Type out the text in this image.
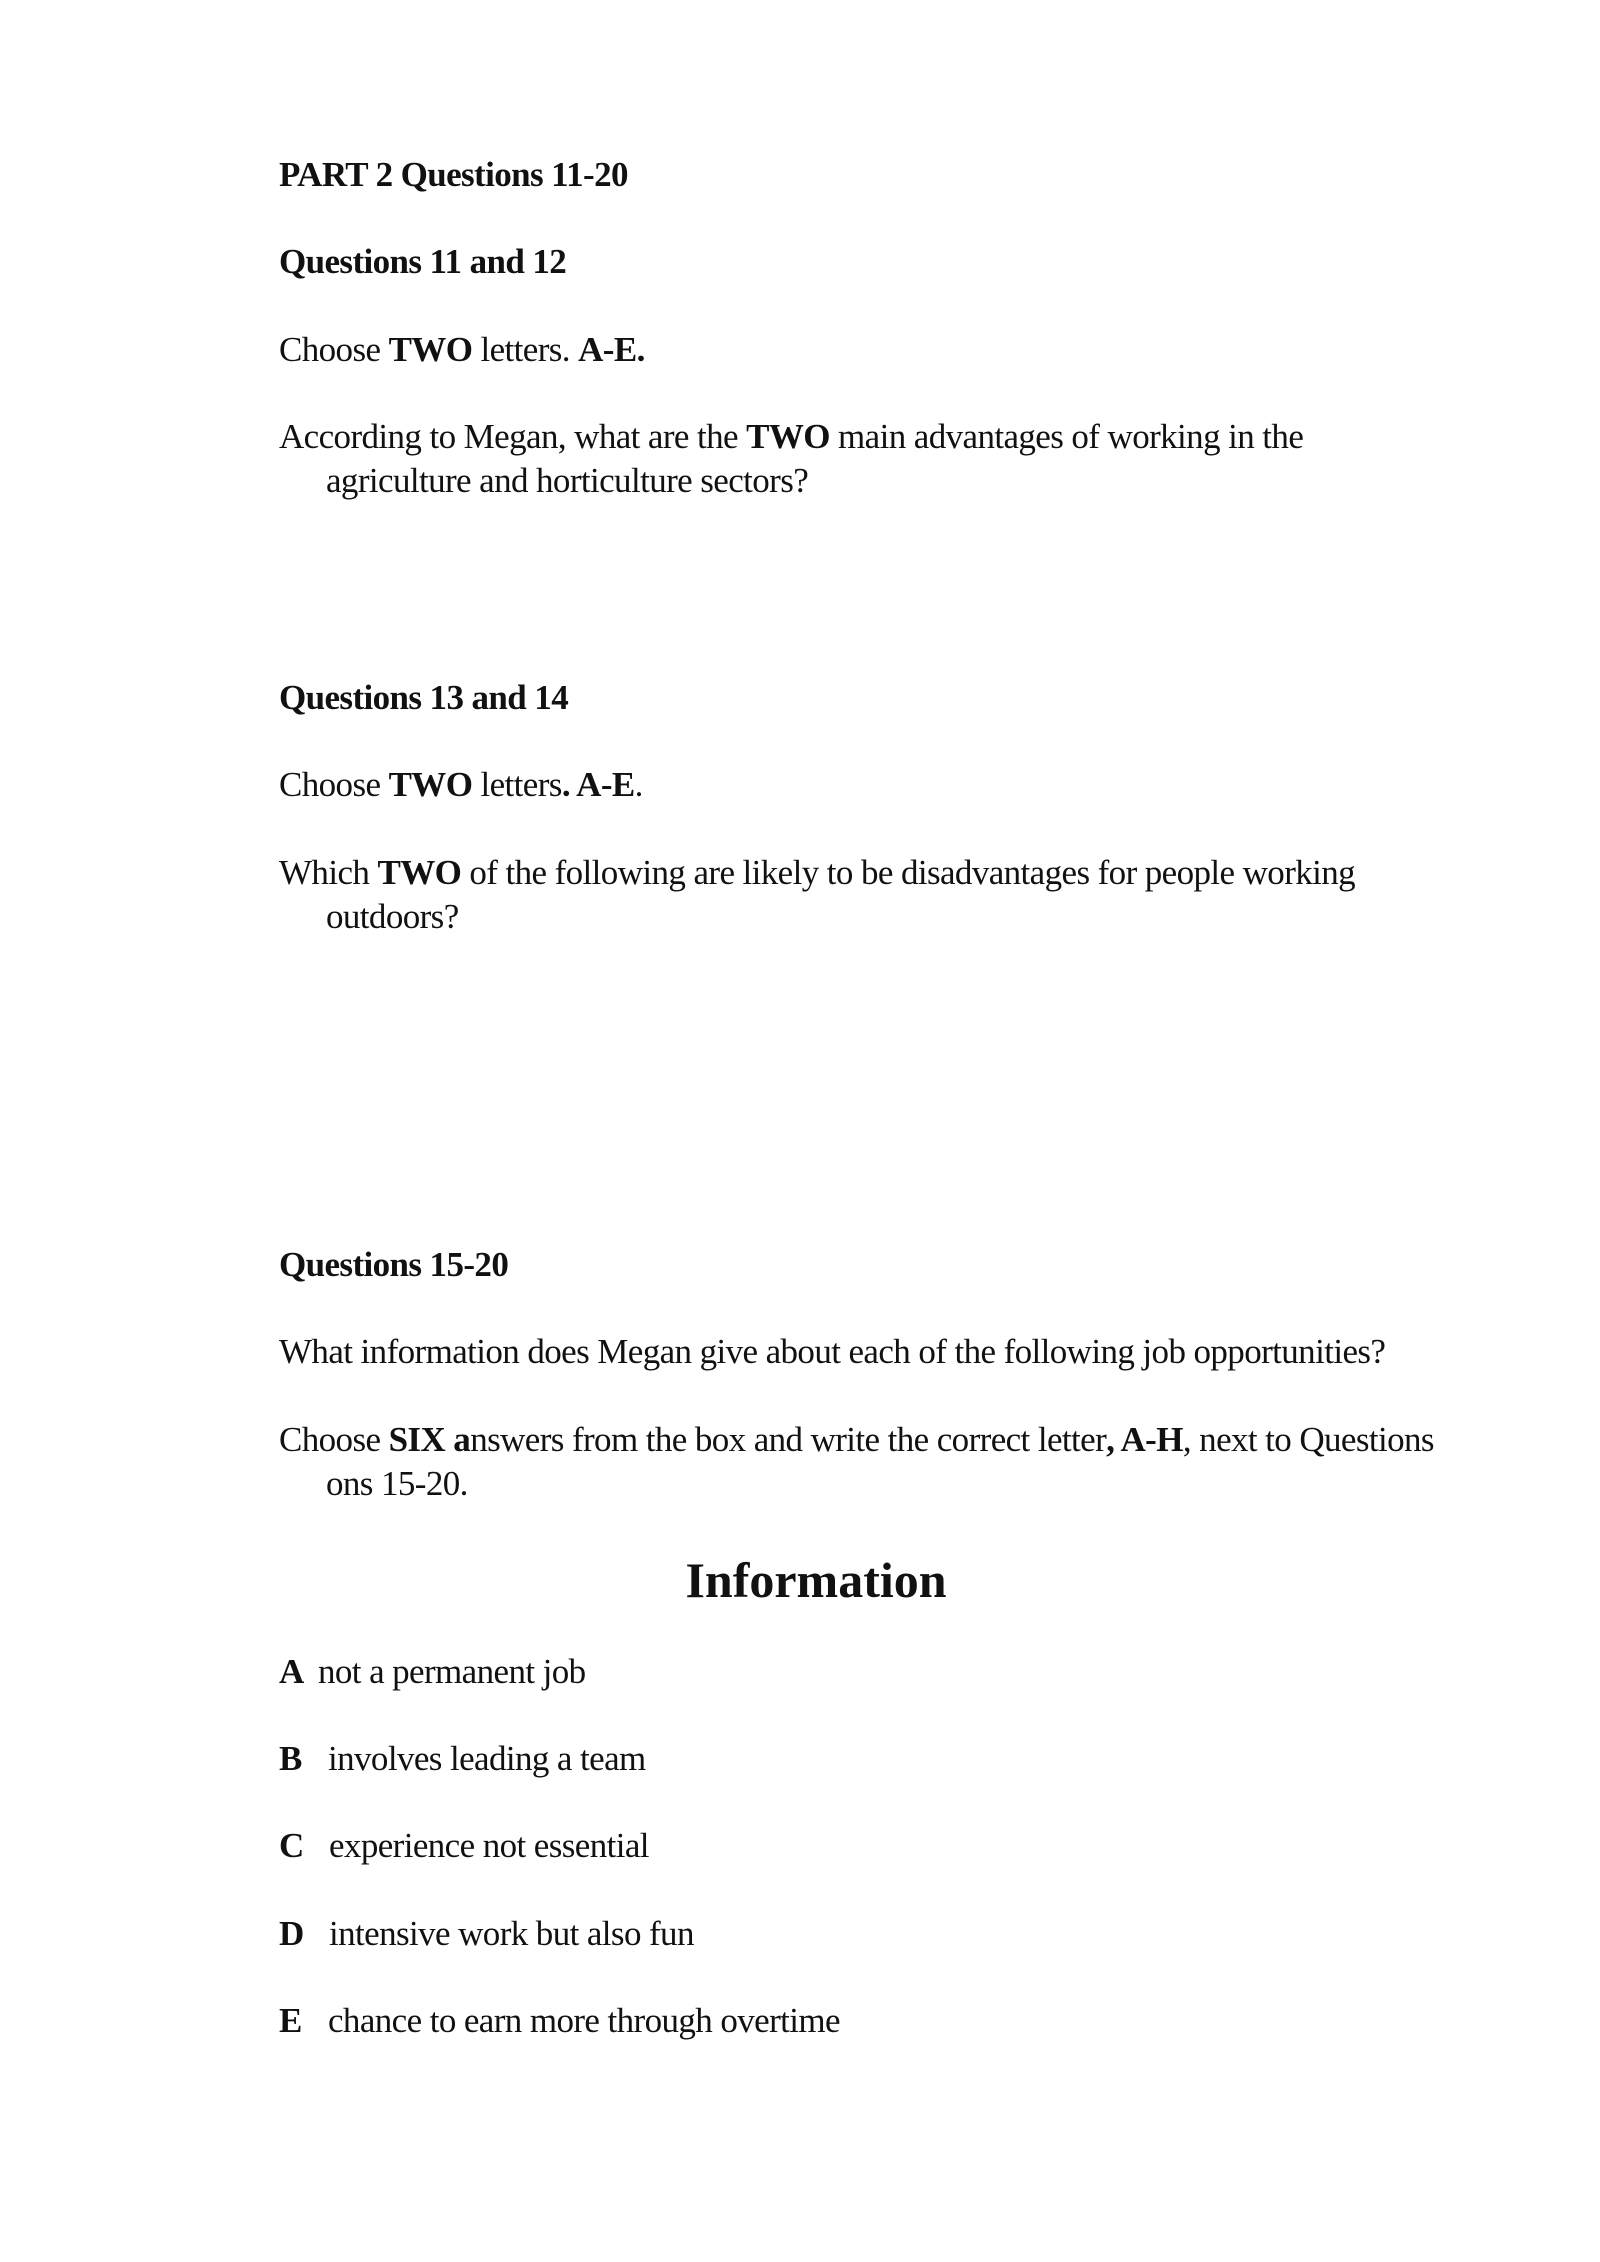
PART 2 Questions 11-20
Questions 11 and 12
Choose TWO letters. A-E.
According to Megan, what are the TWO main advantages of working in the
agriculture and horticulture sectors?
Questions 13 and 14
Choose TWO letters. A-E.
Which TWO of the following are likely to be disadvantages for people working
outdoors?
Questions 15-20
What information does Megan give about each of the following job opportunities?
Choose SIX answers from the box and write the correct letter, A-H, next to Questions
ons 15-20.
Information
A not a permanent job
B involves leading a team
C experience not essential
D intensive work but also fun
E chance to earn more through overtime
